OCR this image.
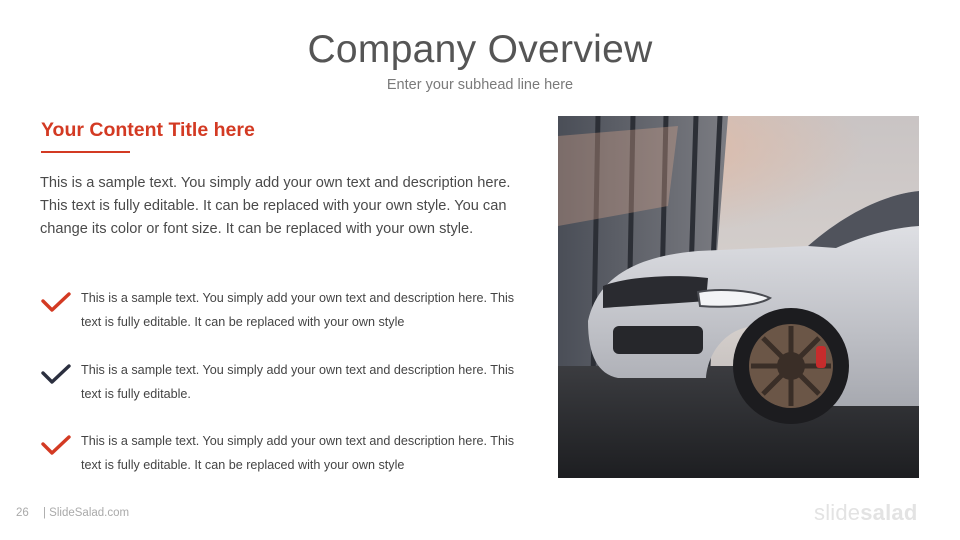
Company Overview
Enter your subhead line here
Your Content Title here
This is a sample text. You simply add your own text and description here. This text is fully editable. It can be replaced with your own style. You can change its color or font size. It can be replaced with your own style.
This is a sample text. You simply add your own text and description here. This text is fully editable. It can be replaced with your own style
This is a sample text. You simply add your own text and description here. This text is fully editable.
This is a sample text. You simply add your own text and description here. This text is fully editable. It can be replaced with your own style
26 | SlideSalad.com	slidesalad
